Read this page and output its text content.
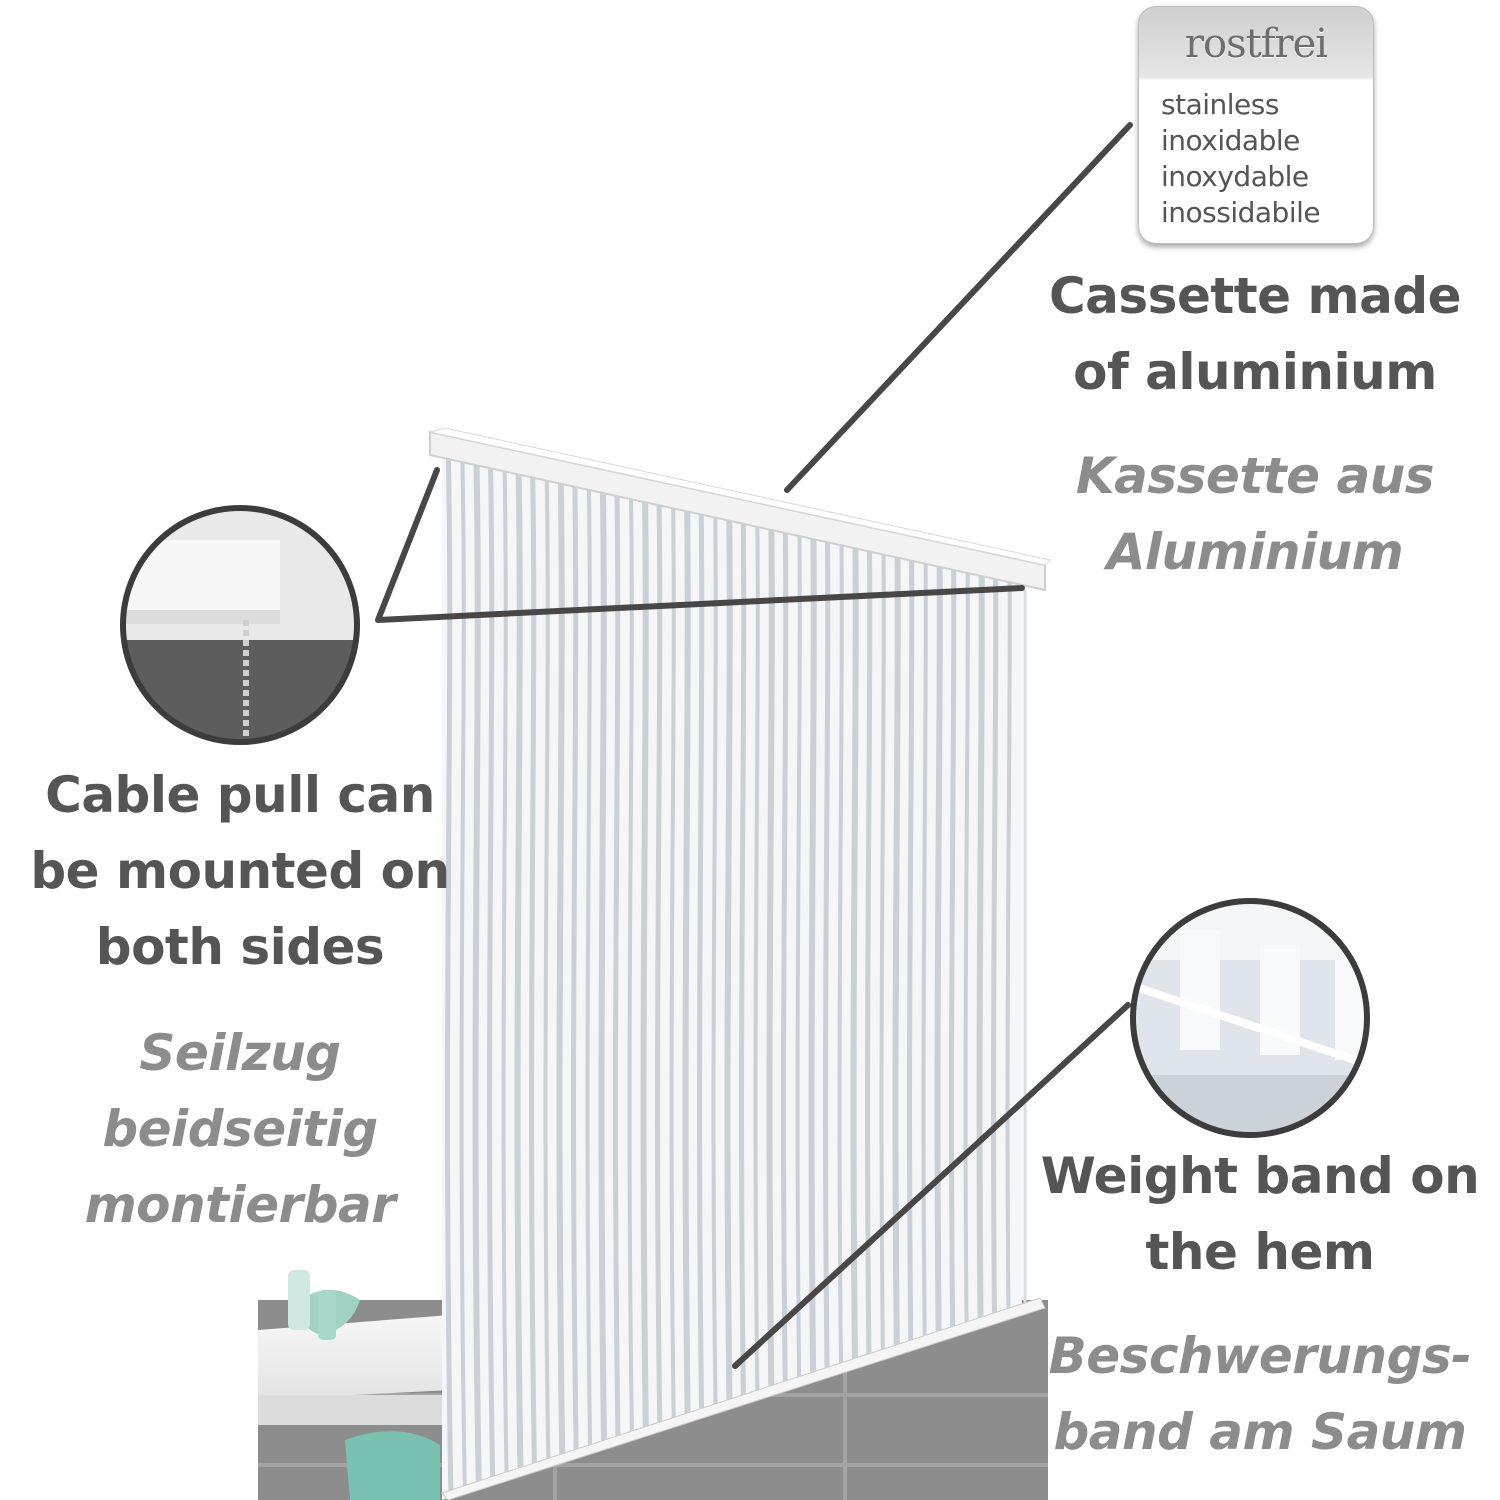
rostfrei
stainless
inoxidable
inoxydable
inossidabile
Cassette made
of aluminium
Kassette aus
Aluminium
Cable pull can
be mounted on
both sides
Seilzug
beidseitig
montierbar	Weight band on
the hem
Beschwerungs-
band am Saum
